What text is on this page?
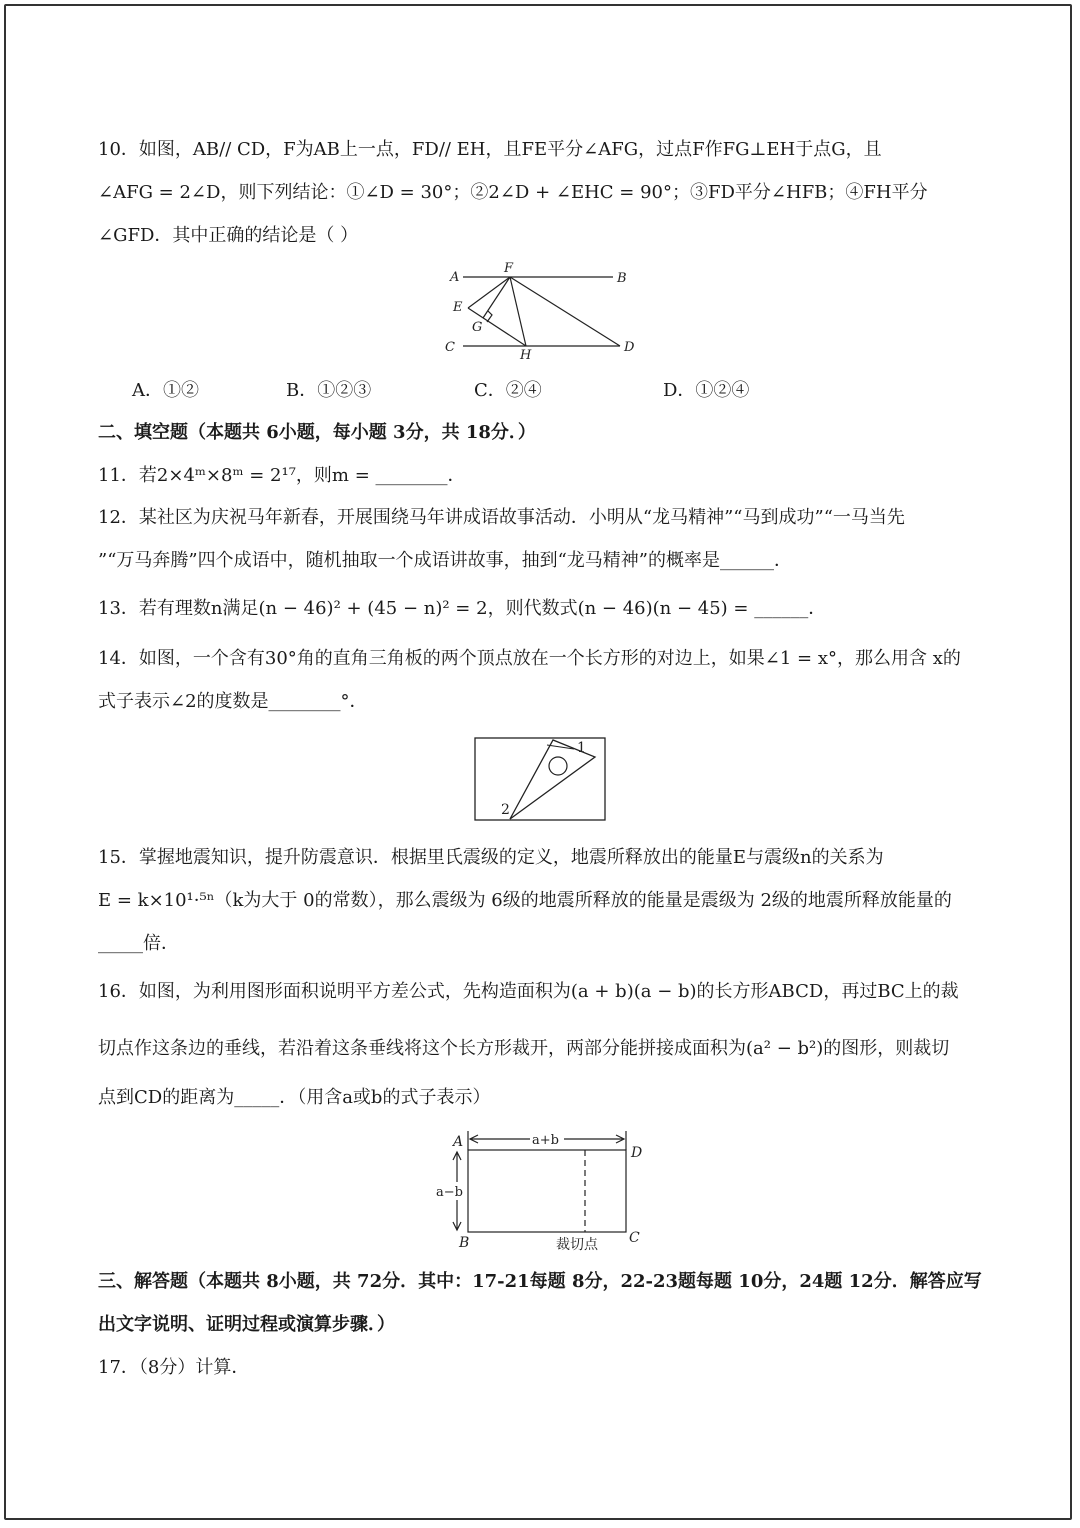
10．如图，AB// CD，F为AB上一点，FD// EH，且FE平分∠AFG，过点F作FG⊥EH于点G，且
∠AFG = 2∠D，则下列结论：①∠D = 30°；②2∠D + ∠EHC = 90°；③FD平分∠HFB；④FH平分
∠GFD．其中正确的结论是（ ）
A
F
B
E
G
C
H
D
A．①②	B．①②③	C．②④	D．①②④
二、填空题（本题共 6小题，每小题 3分，共 18分．）
11．若2×4ᵐ×8ᵐ = 2¹⁷，则m = ________．
12．某社区为庆祝马年新春，开展围绕马年讲成语故事活动．小明从“龙马精神”“马到成功”“一马当先
”“万马奔腾”四个成语中，随机抽取一个成语讲故事，抽到“龙马精神”的概率是______．
13．若有理数n满足(n − 46)² + (45 − n)² = 2，则代数式(n − 46)(n − 45) = ______．
14．如图，一个含有30°角的直角三角板的两个顶点放在一个长方形的对边上，如果∠1 = x°，那么用含 x的
式子表示∠2的度数是________°．
1
2
15．掌握地震知识，提升防震意识．根据里氏震级的定义，地震所释放出的能量E与震级n的关系为
E = k×10¹·⁵ⁿ（k为大于 0的常数），那么震级为 6级的地震所释放的能量是震级为 2级的地震所释放能量的
_____倍．
16．如图，为利用图形面积说明平方差公式，先构造面积为(a + b)(a − b)的长方形ABCD，再过BC上的裁
切点作这条边的垂线，若沿着这条垂线将这个长方形裁开，两部分能拼接成面积为(a² − b²)的图形，则裁切
点到CD的距离为_____．（用含a或b的式子表示）
A
D
B	C
a+b
a−b
裁切点
三、解答题（本题共 8小题，共 72分．其中：17-21每题 8分，22-23题每题 10分，24题 12分．解答应写
出文字说明、证明过程或演算步骤．）
17．（8分）计算．
